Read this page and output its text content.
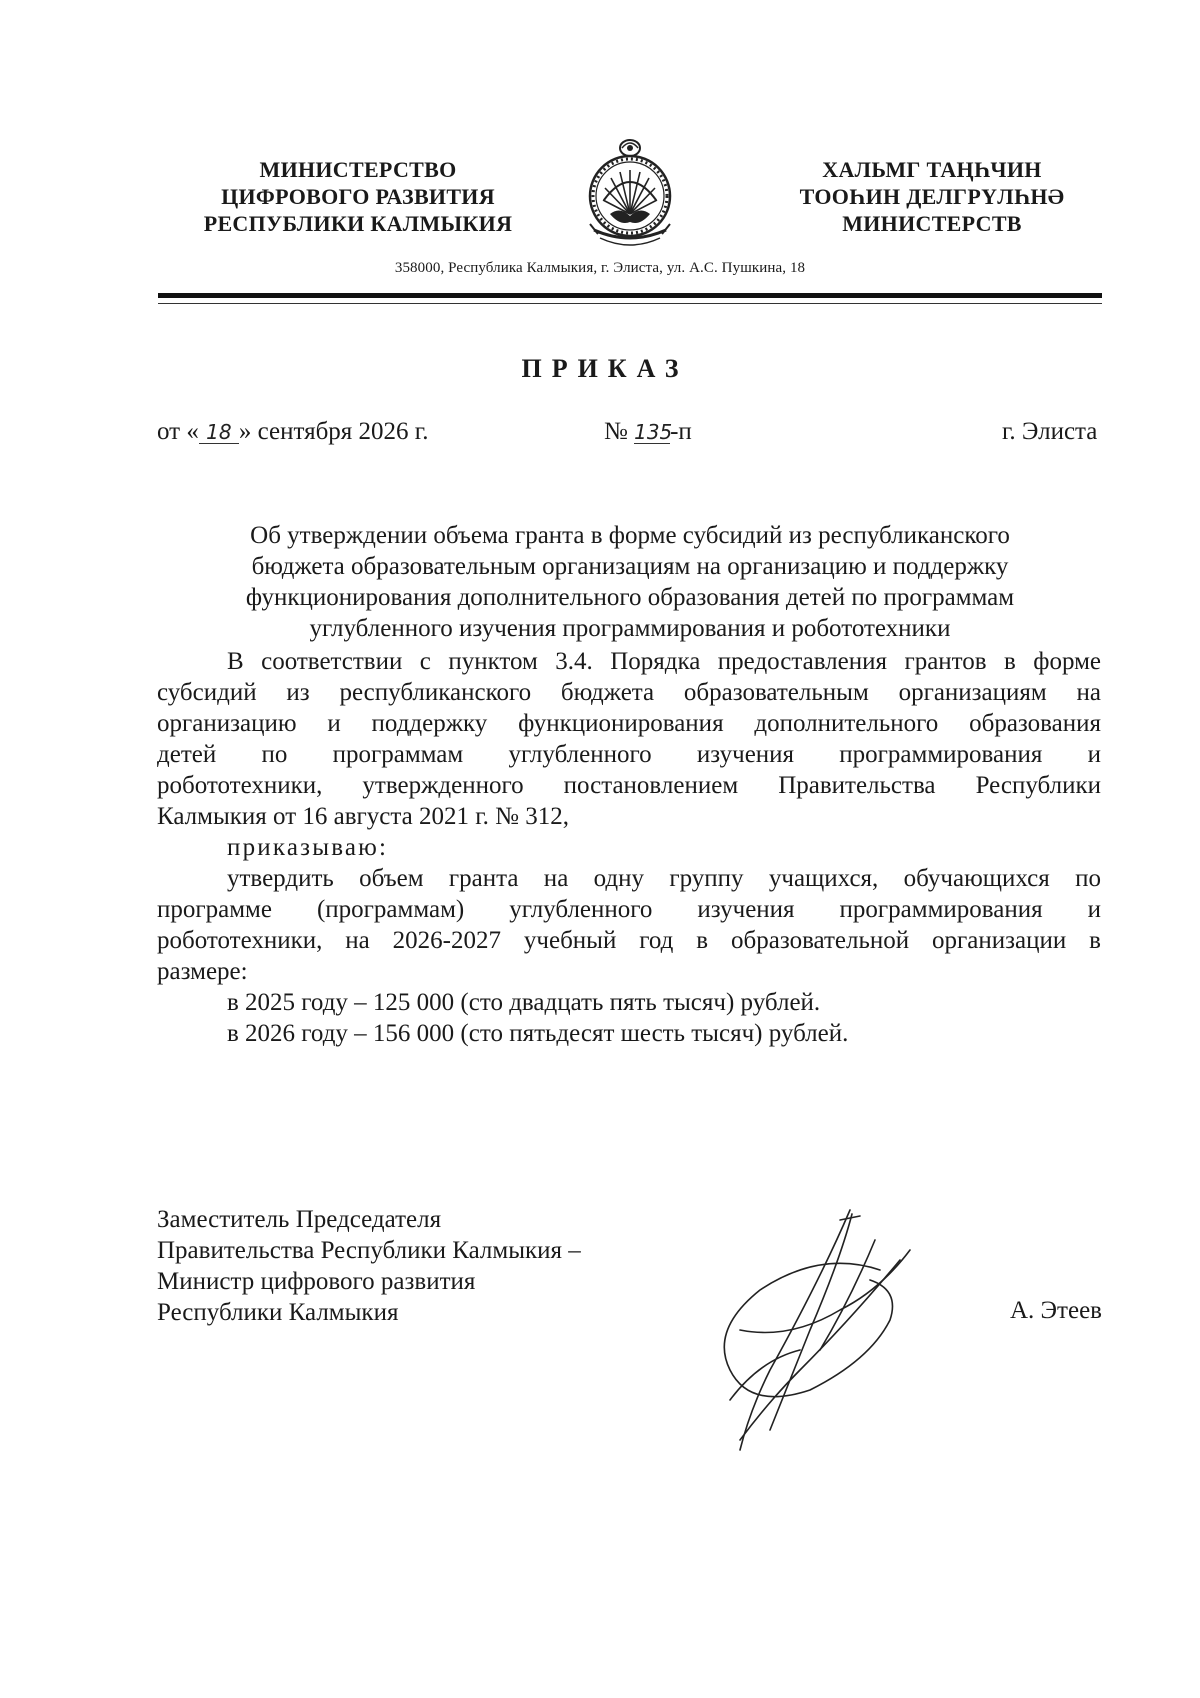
МИНИСТЕРСТВО
ЦИФРОВОГО РАЗВИТИЯ
РЕСПУБЛИКИ КАЛМЫКИЯ
ХАЛЬМГ ТАҢҺЧИН
ТООҺИН ДЕЛГРҮЛҺНӘ
МИНИСТЕРСТВ
358000, Республика Калмыкия, г. Элиста, ул. А.С. Пушкина, 18
ПРИКАЗ
от « 18 » сентября 2026 г.	№ 135-п	г. Элиста
Об утверждении объема гранта в форме субсидий из республиканского
бюджета образовательным организациям на организацию и поддержку
функционирования дополнительного образования детей по программам
углубленного изучения программирования и робототехники
В соответствии с пунктом 3.4. Порядка предоставления грантов в форме
субсидий из республиканского бюджета образовательным организациям на
организацию и поддержку функционирования дополнительного образования
детей по программам углубленного изучения программирования и
робототехники, утвержденного постановлением Правительства Республики
Калмыкия от 16 августа 2021 г. № 312,
приказываю:
утвердить объем гранта на одну группу учащихся, обучающихся по
программе (программам) углубленного изучения программирования и
робототехники, на 2026-2027 учебный год в образовательной организации в
размере:
в 2025 году – 125 000 (сто двадцать пять тысяч) рублей.
в 2026 году – 156 000 (сто пятьдесят шесть тысяч) рублей.
Заместитель Председателя
Правительства Республики Калмыкия –
Министр цифрового развития
Республики Калмыкия	А. Этеев
